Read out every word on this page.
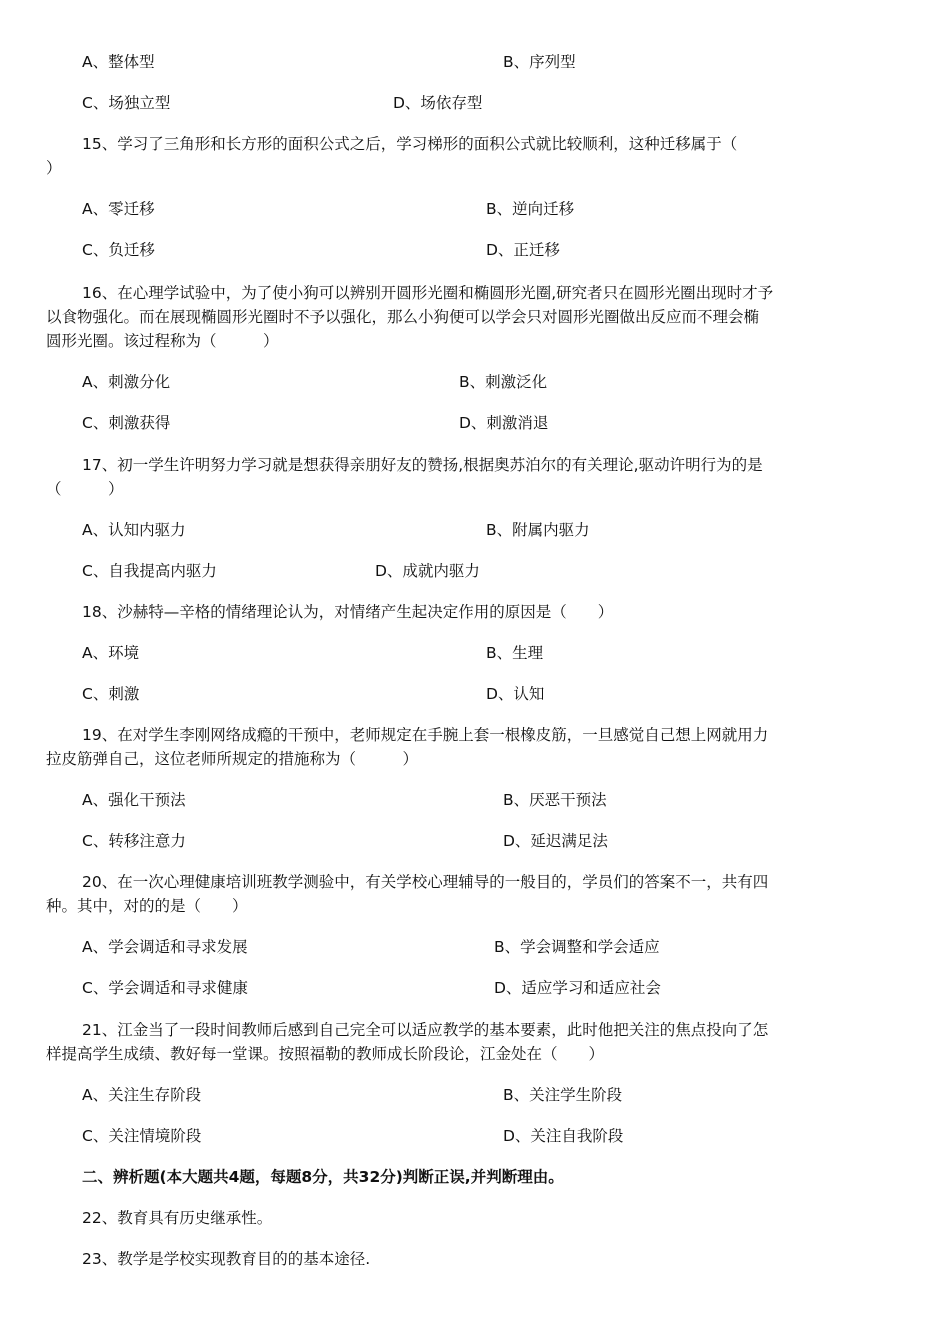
A、整体型	B、序列型
C、场独立型	D、场依存型
15、学习了三角形和长方形的面积公式之后，学习梯形的面积公式就比较顺利，这种迁移属于（
）
A、零迁移	B、逆向迁移
C、负迁移	D、正迁移
16、在心理学试验中，为了使小狗可以辨别开圆形光圈和椭圆形光圈,研究者只在圆形光圈出现时才予
以食物强化。而在展现椭圆形光圈时不予以强化，那么小狗便可以学会只对圆形光圈做出反应而不理会椭
圆形光圈。该过程称为（　　　）
A、刺激分化	B、刺激泛化
C、刺激获得	D、刺激消退
17、初一学生许明努力学习就是想获得亲朋好友的赞扬,根据奥苏泊尔的有关理论,驱动许明行为的是
（　　　）
A、认知内驱力	B、附属内驱力
C、自我提高内驱力	D、成就内驱力
18、沙赫特—辛格的情绪理论认为，对情绪产生起决定作用的原因是（　　）
A、环境	B、生理
C、刺激	D、认知
19、在对学生李刚网络成瘾的干预中，老师规定在手腕上套一根橡皮筋，一旦感觉自己想上网就用力
拉皮筋弹自己，这位老师所规定的措施称为（　　　）
A、强化干预法	B、厌恶干预法
C、转移注意力	D、延迟满足法
20、在一次心理健康培训班教学测验中，有关学校心理辅导的一般目的，学员们的答案不一，共有四
种。其中，对的的是（　　）
A、学会调适和寻求发展	B、学会调整和学会适应
C、学会调适和寻求健康	D、适应学习和适应社会
21、江金当了一段时间教师后感到自己完全可以适应教学的基本要素，此时他把关注的焦点投向了怎
样提高学生成绩、教好每一堂课。按照福勒的教师成长阶段论，江金处在（　　）
A、关注生存阶段	B、关注学生阶段
C、关注情境阶段	D、关注自我阶段
二、辨析题(本大题共4题，每题8分，共32分)判断正误,并判断理由。
22、教育具有历史继承性。
23、教学是学校实现教育目的的基本途径.
